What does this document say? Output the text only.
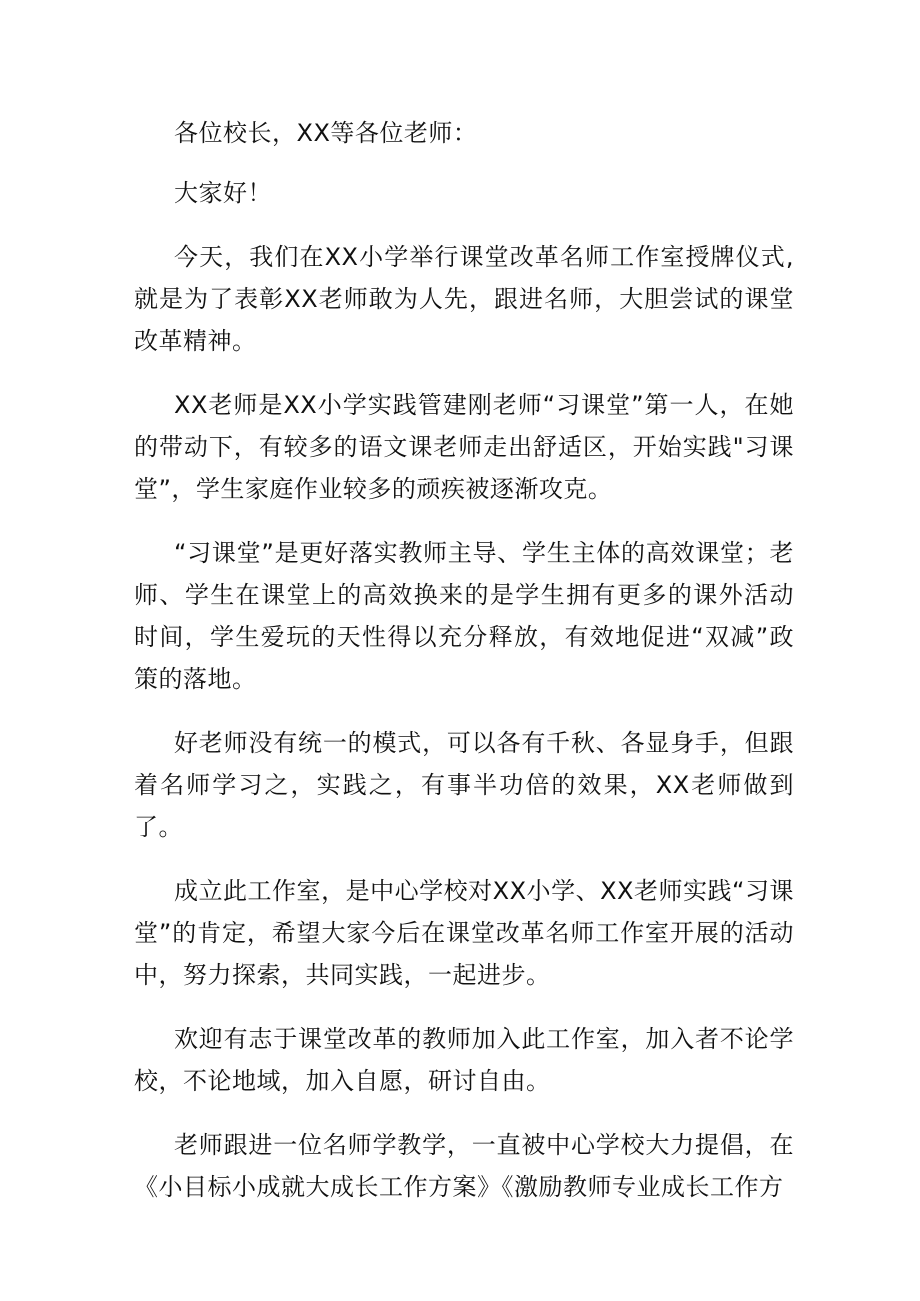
各位校长，XX等各位老师：

大家好！

今天，我们在XX小学举行课堂改革名师工作室授牌仪式,就是为了表彰XX老师敢为人先，跟进名师，大胆尝试的课堂改革精神。

XX老师是XX小学实践管建刚老师“习课堂”第一人，在她的带动下，有较多的语文课老师走出舒适区，开始实践"习课堂”，学生家庭作业较多的顽疾被逐渐攻克。

“习课堂”是更好落实教师主导、学生主体的高效课堂；老师、学生在课堂上的高效换来的是学生拥有更多的课外活动时间，学生爱玩的天性得以充分释放，有效地促进“双减”政策的落地。

好老师没有统一的模式，可以各有千秋、各显身手，但跟着名师学习之，实践之，有事半功倍的效果，XX老师做到了。

成立此工作室，是中心学校对XX小学、XX老师实践“习课堂”的肯定，希望大家今后在课堂改革名师工作室开展的活动中，努力探索，共同实践，一起进步。

欢迎有志于课堂改革的教师加入此工作室，加入者不论学校，不论地域，加入自愿，研讨自由。

老师跟进一位名师学教学，一直被中心学校大力提倡，在《小目标小成就大成长工作方案》《激励教师专业成长工作方
